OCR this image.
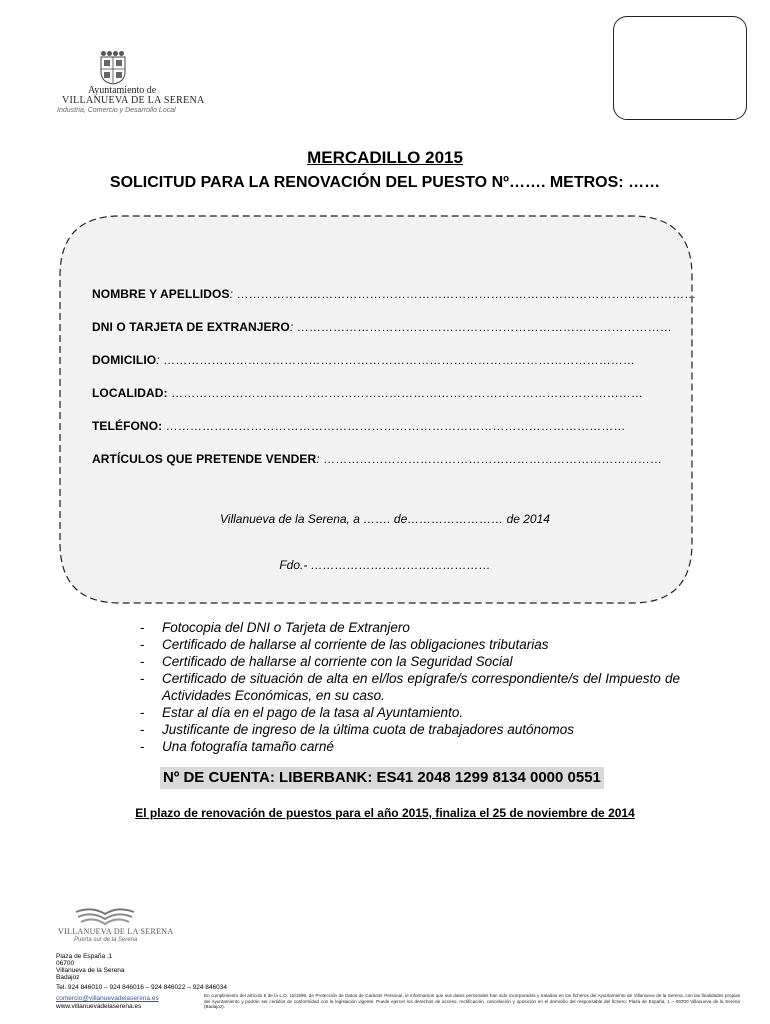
Ayuntamiento de
VILLANUEVA DE LA SERENA
Industria, Comercio y Desarrollo Local
MERCADILLO 2015
SOLICITUD PARA LA RENOVACIÓN DEL PUESTO Nº……. METROS: ……
NOMBRE Y APELLIDOS: ……………………………………………………………………………………………………
DNI O TARJETA DE EXTRANJERO: …………………………………………………………………………………
DOMICILIO: ………………………………………………………………………………………………………
LOCALIDAD: ………………………………………………………………………………………………………
TELÉFONO: ……………………………………………………………………………………………………
ARTÍCULOS QUE PRETENDE VENDER: …………………………………………………………………………
Villanueva de la Serena, a ……. de…………………… de 2014
Fdo.- ………………………………………
- Fotocopia del DNI o Tarjeta de Extranjero
- Certificado de hallarse al corriente de las obligaciones tributarias
- Certificado de hallarse al corriente con la Seguridad Social
- Certificado de situación de alta en el/los epígrafe/s correspondiente/s del Impuesto de Actividades Económicas, en su caso.
- Estar al día en el pago de la tasa al Ayuntamiento.
- Justificante de ingreso de la última cuota de trabajadores autónomos
- Una fotografía tamaño carné
Nº DE CUENTA: LIBERBANK: ES41 2048 1299 8134 0000 0551
El plazo de renovación de puestos para el año 2015, finaliza el 25 de noviembre de 2014
VILLANUEVA DE LA SERENA
Puerta sur de la Serena
Plaza de España ,1
06700
Villanueva de la Serena
Badajoz
Tel. 924 846010 – 924 846016 – 924 846022 – 924 846034
comercio@villanuevadelaserena.es
www.villanuevadelaserena.es
En cumplimiento del artículo 5 de la L.O. 15/1999, de Protección de Datos de Carácter Personal, le informamos que sus datos personales han sido incorporados y tratados en los ficheros del Ayuntamiento de Villanueva de la Serena, con las finalidades propias del Ayuntamiento y podrán ser cedidos de conformidad con la legislación vigente. Puede ejercer los derechos de acceso, rectificación, cancelación y oposición en el domicilio del responsable del fichero: Plaza de España, 1 – 06700 Villanueva de la Serena (Badajoz).
